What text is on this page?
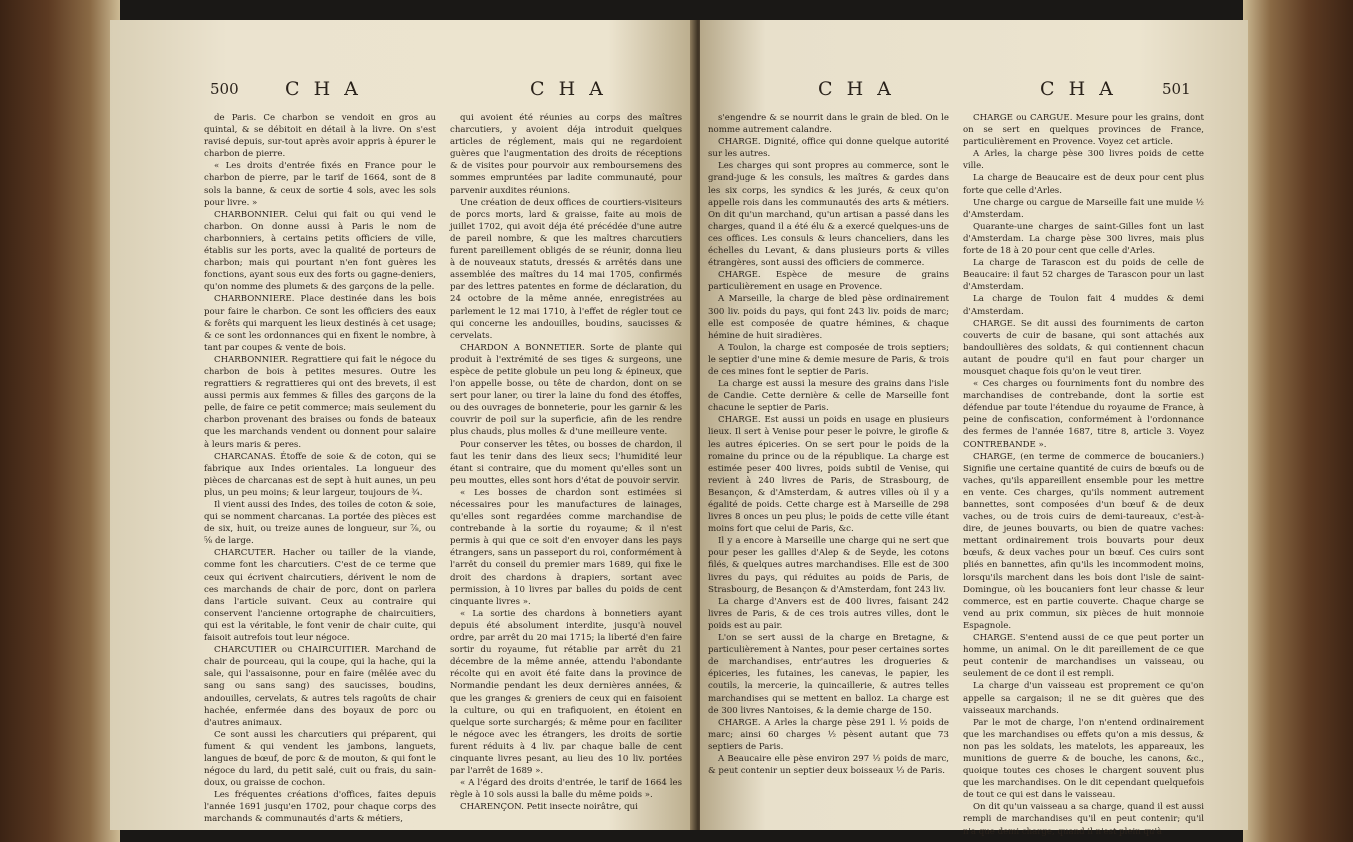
500 C H A	C H A

de Paris. Ce charbon se vendoit en gros au quintal, & se débitoit en détail à la livre. On s'est ravisé depuis, sur-tout après avoir appris à épurer le charbon de pierre.

« Les droits d'entrée fixés en France pour le charbon de pierre, par le tarif de 1664, sont de 8 sols la banne, & ceux de sortie 4 sols, avec les sols pour livre. »

CHARBONNIER. Celui qui fait ou qui vend le charbon. On donne aussi à Paris le nom de charbonniers, à certains petits officiers de ville, établis sur les ports, avec la qualité de porteurs de charbon; mais qui pourtant n'en font guères les fonctions, ayant sous eux des forts ou gagne-deniers, qu'on nomme des plumets & des garçons de la pelle.

CHARBONNIERE. Place destinée dans les bois pour faire le charbon. Ce sont les officiers des eaux & forêts qui marquent les lieux destinés à cet usage; & ce sont les ordonnances qui en fixent le nombre, à tant par coupes & vente de bois.

CHARBONNIER. Regrattiere qui fait le négoce du charbon de bois à petites mesures. Outre les regrattiers & regrattieres qui ont des brevets, il est aussi permis aux femmes & filles des garçons de la pelle, de faire ce petit commerce; mais seulement du charbon provenant des braises ou fonds de bateaux que les marchands vendent ou donnent pour salaire à leurs maris & peres.

CHARCANAS. Étoffe de soie & de coton, qui se fabrique aux Indes orientales. La longueur des pièces de charcanas est de sept à huit aunes, un peu plus, un peu moins; & leur largeur, toujours de ¾.

Il vient aussi des Indes, des toiles de coton & soie, qui se nomment charcanas. La portée des pièces est de six, huit, ou treize aunes de longueur, sur ⅞, ou ⅝ de large.

CHARCUTER. Hacher ou tailler de la viande, comme font les charcutiers. C'est de ce terme que ceux qui écrivent chaircutiers, dérivent le nom de ces marchands de chair de porc, dont on parlera dans l'article suivant. Ceux au contraire qui conservent l'ancienne ortographe de chaircuitiers, qui est la véritable, le font venir de chair cuite, qui faisoit autrefois tout leur négoce.

CHARCUTIER ou CHAIRCUITIER. Marchand de chair de pourceau, qui la coupe, qui la hache, qui la sale, qui l'assaisonne, pour en faire (mêlée avec du sang ou sans sang) des saucisses, boudins, andouilles, cervelats, & autres tels ragoûts de chair hachée, enfermée dans des boyaux de porc ou d'autres animaux.

Ce sont aussi les charcutiers qui préparent, qui fument & qui vendent les jambons, languets, langues de bœuf, de porc & de mouton, & qui font le négoce du lard, du petit salé, cuit ou frais, du sain-doux, ou graisse de cochon.

Les fréquentes créations d'offices, faites depuis l'année 1691 jusqu'en 1702, pour chaque corps des marchands & communautés d'arts & métiers,

qui avoient été réunies au corps des maîtres charcutiers, y avoient déja introduit quelques articles de réglement, mais qui ne regardoient guères que l'augmentation des droits de réceptions & de visites pour pourvoir aux remboursemens des sommes empruntées par ladite communauté, pour parvenir auxdites réunions.

Une création de deux offices de courtiers-visiteurs de porcs morts, lard & graisse, faite au mois de juillet 1702, qui avoit déja été précédée d'une autre de pareil nombre, & que les maîtres charcutiers furent pareillement obligés de se réunir, donna lieu à de nouveaux statuts, dressés & arrêtés dans une assemblée des maîtres du 14 mai 1705, confirmés par des lettres patentes en forme de déclaration, du 24 octobre de la même année, enregistrées au parlement le 12 mai 1710, à l'effet de régler tout ce qui concerne les andouilles, boudins, saucisses & cervelats.

CHARDON A BONNETIER. Sorte de plante qui produit à l'extrémité de ses tiges & surgeons, une espèce de petite globule un peu long & épineux, que l'on appelle bosse, ou tête de chardon, dont on se sert pour laner, ou tirer la laine du fond des étoffes, ou des ouvrages de bonneterie, pour les garnir & les couvrir de poil sur la superficie, afin de les rendre plus chauds, plus molles & d'une meilleure vente.

Pour conserver les têtes, ou bosses de chardon, il faut les tenir dans des lieux secs; l'humidité leur étant si contraire, que du moment qu'elles sont un peu mouttes, elles sont hors d'état de pouvoir servir.

« Les bosses de chardon sont estimées si nécessaires pour les manufactures de lainages, qu'elles sont regardées comme marchandise de contrebande à la sortie du royaume; & il n'est permis à qui que ce soit d'en envoyer dans les pays étrangers, sans un passeport du roi, conformément à l'arrêt du conseil du premier mars 1689, qui fixe le droit des chardons à drapiers, sortant avec permission, à 10 livres par balles du poids de cent cinquante livres ».

« La sortie des chardons à bonnetiers ayant depuis été absolument interdite, jusqu'à nouvel ordre, par arrêt du 20 mai 1715; la liberté d'en faire sortir du royaume, fut rétablie par arrêt du 21 décembre de la même année, attendu l'abondante récolte qui en avoit été faite dans la province de Normandie pendant les deux dernières années, & que les granges & greniers de ceux qui en faisoient la culture, ou qui en trafiquoient, en étoient en quelque sorte surchargés; & même pour en faciliter le négoce avec les étrangers, les droits de sortie furent réduits à 4 liv. par chaque balle de cent cinquante livres pesant, au lieu des 10 liv. portées par l'arrêt de 1689 ».

« A l'égard des droits d'entrée, le tarif de 1664 les règle à 10 sols aussi la balle du même poids ».

CHARENÇON. Petit insecte noirâtre, qui

C H A	C H A	501

s'engendre & se nourrit dans le grain de bled. On le nomme autrement calandre.

CHARGE. Dignité, office qui donne quelque autorité sur les autres.

Les charges qui sont propres au commerce, sont le grand-juge & les consuls, les maîtres & gardes dans les six corps, les syndics & les jurés, & ceux qu'on appelle rois dans les communautés des arts & métiers. On dit qu'un marchand, qu'un artisan a passé dans les charges, quand il a été élu & a exercé quelques-uns de ces offices. Les consuls & leurs chanceliers, dans les échelles du Levant, & dans plusieurs ports & villes étrangères, sont aussi des officiers de commerce.

CHARGE. Espèce de mesure de grains particulièrement en usage en Provence.

A Marseille, la charge de bled pèse ordinairement 300 liv. poids du pays, qui font 243 liv. poids de marc; elle est composée de quatre hémines, & chaque hémine de huit siradières.

A Toulon, la charge est composée de trois septiers; le septier d'une mine & demie mesure de Paris, & trois de ces mines font le septier de Paris.

La charge est aussi la mesure des grains dans l'isle de Candie. Cette dernière & celle de Marseille font chacune le septier de Paris.

CHARGE. Est aussi un poids en usage en plusieurs lieux. Il sert à Venise pour peser le poivre, le girofle & les autres épiceries. On se sert pour le poids de la romaine du prince ou de la république. La charge est estimée peser 400 livres, poids subtil de Venise, qui revient à 240 livres de Paris, de Strasbourg, de Besançon, & d'Amsterdam, & autres villes où il y a égalité de poids. Cette charge est à Marseille de 298 livres 8 onces un peu plus; le poids de cette ville étant moins fort que celui de Paris, &c.

Il y a encore à Marseille une charge qui ne sert que pour peser les gallles d'Alep & de Seyde, les cotons filés, & quelques autres marchandises. Elle est de 300 livres du pays, qui réduites au poids de Paris, de Strasbourg, de Besançon & d'Amsterdam, font 243 liv.

La charge d'Anvers est de 400 livres, faisant 242 livres de Paris, & de ces trois autres villes, dont le poids est au pair.

L'on se sert aussi de la charge en Bretagne, & particulièrement à Nantes, pour peser certaines sortes de marchandises, entr'autres les drogueries & épiceries, les futaines, les canevas, le papier, les coutils, la mercerie, la quincaillerie, & autres telles marchandises qui se mettent en balloz. La charge est de 300 livres Nantoises, & la demie charge de 150.

CHARGE. A Arles la charge pèse 291 l. ½ poids de marc; ainsi 60 charges ½ pèsent autant que 73 septiers de Paris.

A Beaucaire elle pèse environ 297 ½ poids de marc, & peut contenir un septier deux boisseaux ⅓ de Paris.

CHARGE ou CARGUE. Mesure pour les grains, dont on se sert en quelques provinces de France, particulièrement en Provence. Voyez cet article.

A Arles, la charge pèse 300 livres poids de cette ville.

La charge de Beaucaire est de deux pour cent plus forte que celle d'Arles.

Une charge ou cargue de Marseille fait une muide ½ d'Amsterdam.

Quarante-une charges de saint-Gilles font un last d'Amsterdam. La charge pèse 300 livres, mais plus forte de 18 à 20 pour cent que celle d'Arles.

La charge de Tarascon est du poids de celle de Beaucaire: il faut 52 charges de Tarascon pour un last d'Amsterdam.

La charge de Toulon fait 4 muddes & demi d'Amsterdam.

CHARGE. Se dit aussi des fourniments de carton couverts de cuir de basane, qui sont attachés aux bandoullières des soldats, & qui contiennent chacun autant de poudre qu'il en faut pour charger un mousquet chaque fois qu'on le veut tirer.

« Ces charges ou fourniments font du nombre des marchandises de contrebande, dont la sortie est défendue par toute l'étendue du royaume de France, à peine de confiscation, conformément à l'ordonnance des fermes de l'année 1687, titre 8, article 3. Voyez CONTREBANDE ».

CHARGE, (en terme de commerce de boucaniers.) Signifie une certaine quantité de cuirs de bœufs ou de vaches, qu'ils appareillent ensemble pour les mettre en vente. Ces charges, qu'ils nomment autrement bannettes, sont composées d'un bœuf & de deux vaches, ou de trois cuirs de demi-taureaux, c'est-à-dire, de jeunes bouvarts, ou bien de quatre vaches: mettant ordinairement trois bouvarts pour deux bœufs, & deux vaches pour un bœuf. Ces cuirs sont pliés en bannettes, afin qu'ils les incommodent moins, lorsqu'ils marchent dans les bois dont l'isle de saint-Domingue, où les boucaniers font leur chasse & leur commerce, est en partie couverte. Chaque charge se vend au prix commun, six pièces de huit monnoie Espagnole.

CHARGE. S'entend aussi de ce que peut porter un homme, un animal. On le dit pareillement de ce que peut contenir de marchandises un vaisseau, ou seulement de ce dont il est rempli.

La charge d'un vaisseau est proprement ce qu'on appelle sa cargaison; il ne se dit guères que des vaisseaux marchands.

Par le mot de charge, l'on n'entend ordinairement que les marchandises ou effets qu'on a mis dessus, & non pas les soldats, les matelots, les appareaux, les munitions de guerre & de bouche, les canons, &c., quoique toutes ces choses le chargent souvent plus que les marchandises. On le dit cependant quelquefois de tout ce qui est dans le vaisseau.

On dit qu'un vaisseau a sa charge, quand il est aussi rempli de marchandises qu'il en peut contenir; qu'il n'a que demi charge, quand il n'est plein qu'à
